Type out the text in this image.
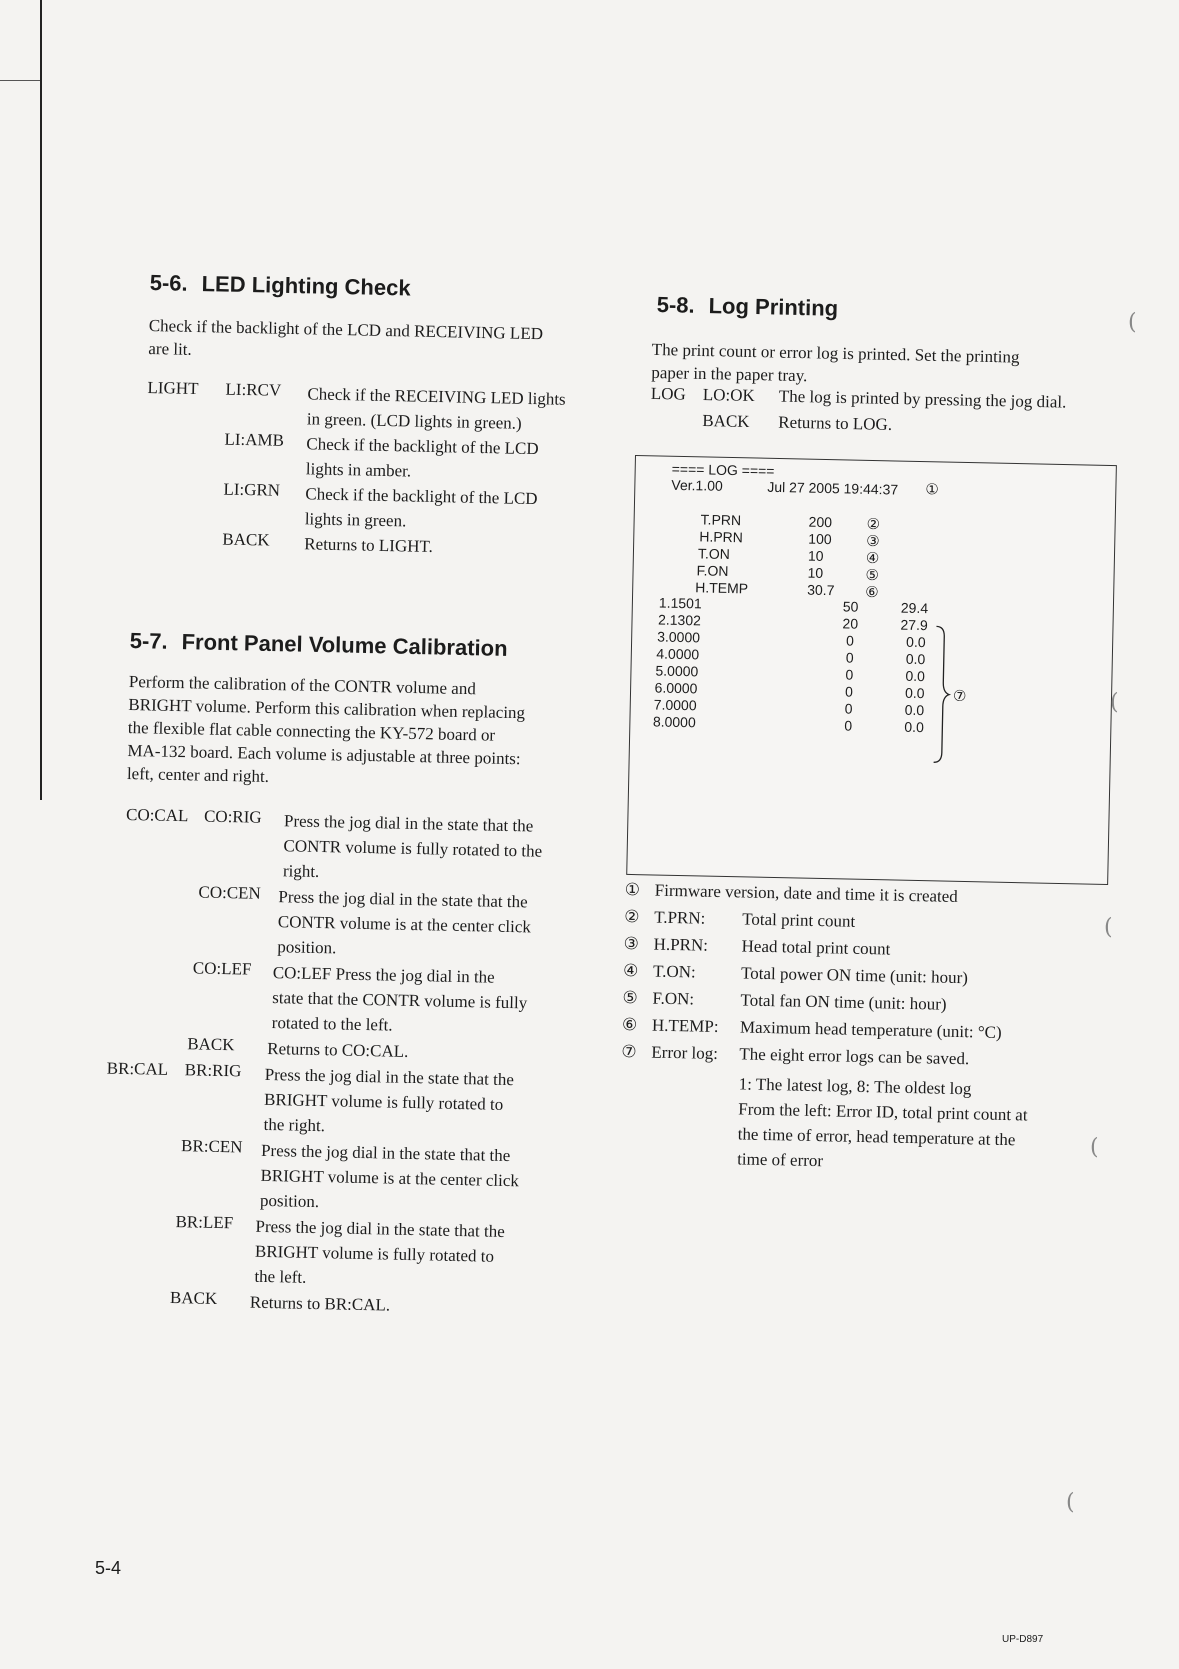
5-6. LED Lighting Check
Check if the backlight of the LCD and RECEIVING LED
are lit.
LIGHT LI:RCV Check if the RECEIVING LED lights
in green. (LCD lights in green.)
LI:AMB Check if the backlight of the LCD
lights in amber.
LI:GRN Check if the backlight of the LCD
lights in green.
BACK Returns to LIGHT.
5-7. Front Panel Volume Calibration
Perform the calibration of the CONTR volume and
BRIGHT volume. Perform this calibration when replacing
the flexible flat cable connecting the KY-572 board or
MA-132 board. Each volume is adjustable at three points:
left, center and right.
CO:CAL CO:RIG Press the jog dial in the state that the
CONTR volume is fully rotated to the
right.
CO:CEN Press the jog dial in the state that the
CONTR volume is at the center click
position.
CO:LEF CO:LEF Press the jog dial in the
state that the CONTR volume is fully
rotated to the left.
BACK Returns to CO:CAL.
BR:CAL BR:RIG Press the jog dial in the state that the
BRIGHT volume is fully rotated to
the right.
BR:CEN Press the jog dial in the state that the
BRIGHT volume is at the center click
position.
BR:LEF Press the jog dial in the state that the
BRIGHT volume is fully rotated to
the left.
BACK Returns to BR:CAL.
5-8. Log Printing
The print count or error log is printed. Set the printing
paper in the paper tray.
LOG LO:OK The log is printed by pressing the jog dial.
BACK Returns to LOG.
==== LOG ====
Ver.1.00	Jul 27 2005 19:44:37 ①
T.PRN	200 ②
H.PRN	100 ③
T.ON	10	④
F.ON	10	⑤
H.TEMP	30.7 ⑥
1.1501	50	29.4
2.1302	20	27.9
3.0000	0	0.0
4.0000	0	0.0
5.0000	0	0.0
6.0000	0	0.0
7.0000	0	0.0
8.0000	0	0.0
⑦
① Firmware version, date and time it is created
② T.PRN: Total print count
③ H.PRN: Head total print count
④ T.ON:	Total power ON time (unit: hour)
⑤ F.ON:	Total fan ON time (unit: hour)
⑥ H.TEMP: Maximum head temperature (unit: °C)
⑦ Error log: The eight error logs can be saved.
1: The latest log, 8: The oldest log
From the left: Error ID, total print count at
the time of error, head temperature at the
time of error
(
(
(
(
(
5-4
UP-D897
